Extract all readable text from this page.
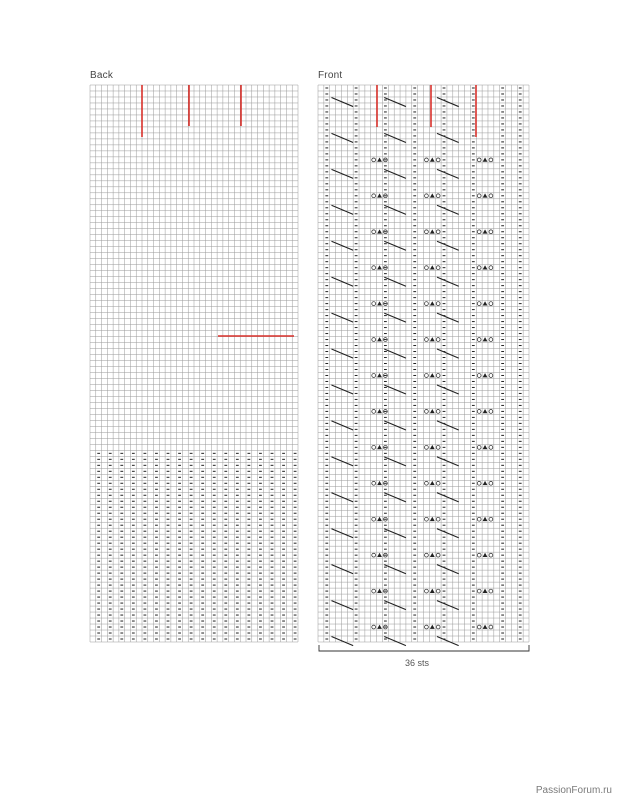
Back	Front
36 sts
PassionForum.ru
